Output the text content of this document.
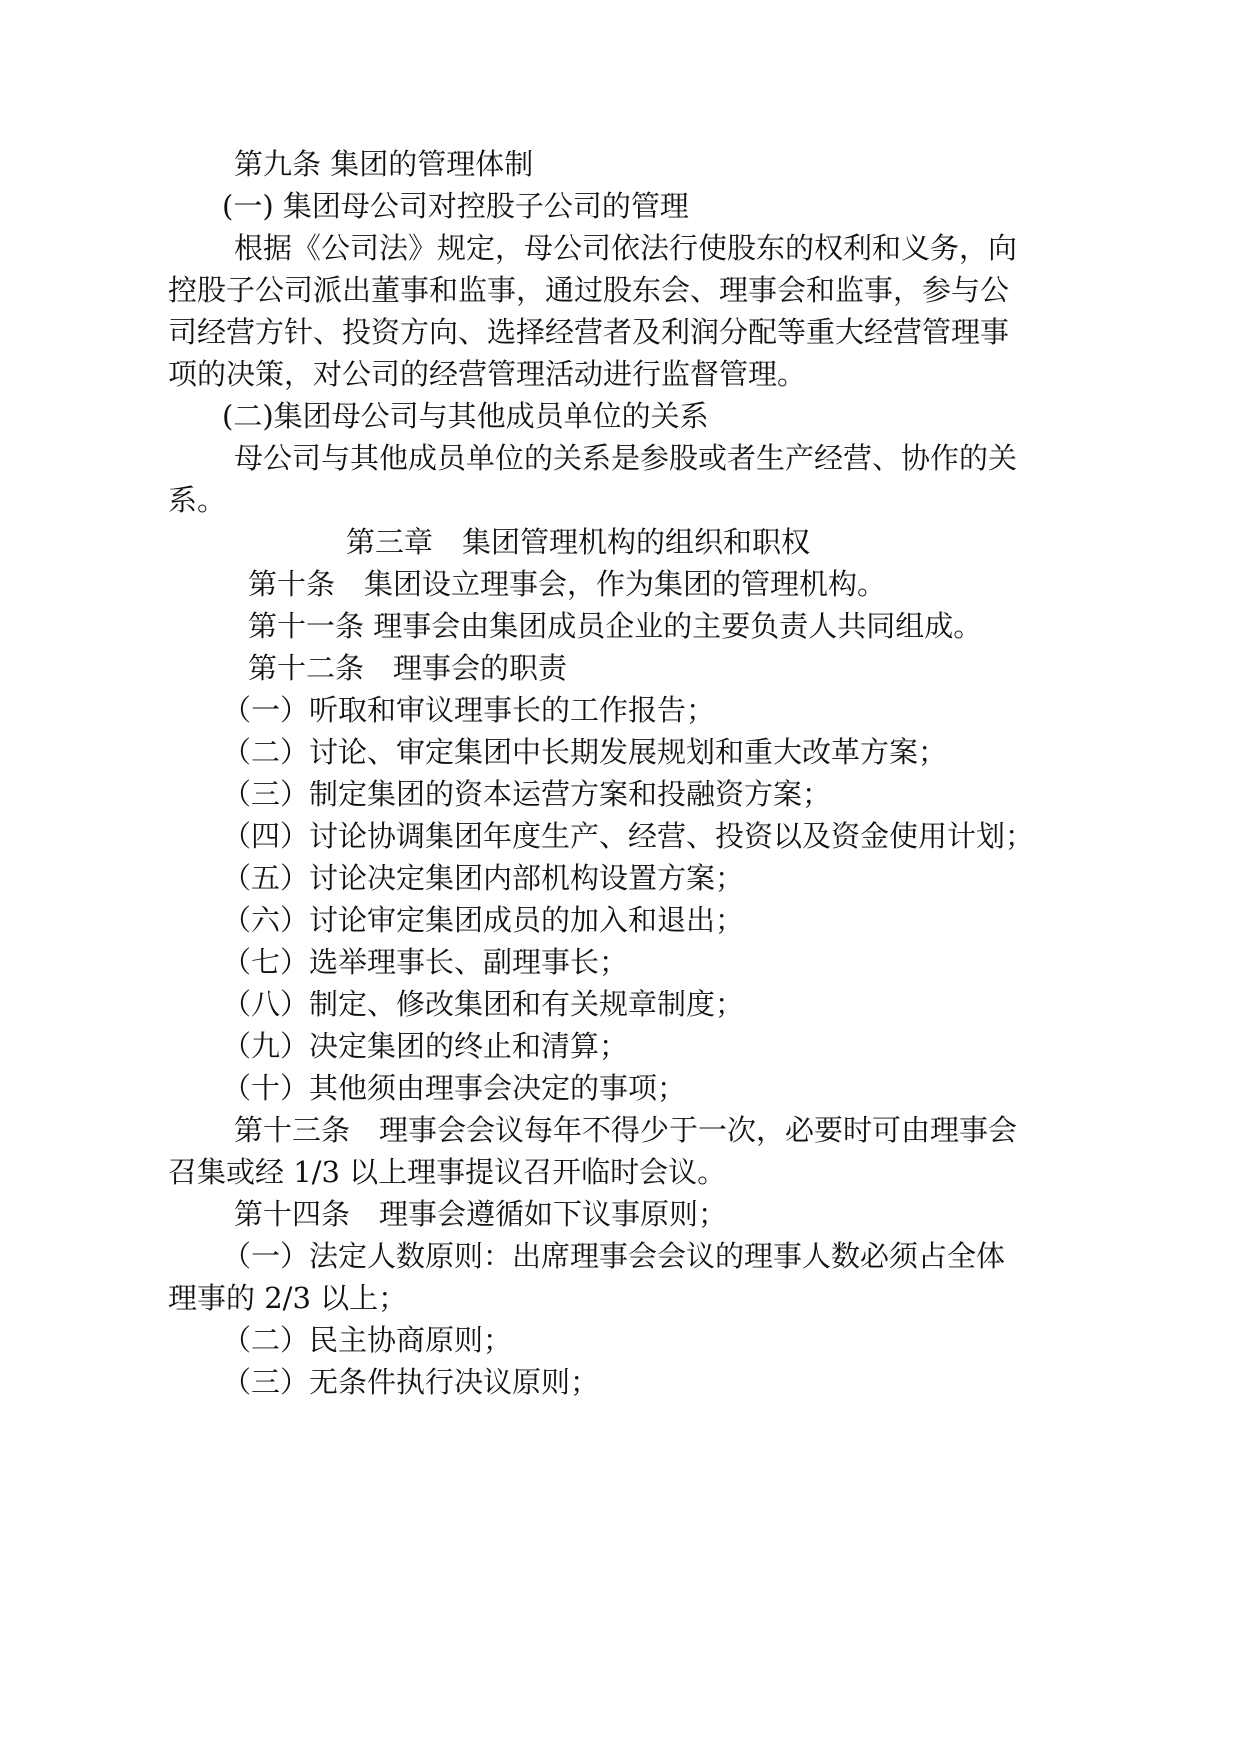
第九条 集团的管理体制
(一) 集团母公司对控股子公司的管理
根据《公司法》规定，母公司依法行使股东的权利和义务，向
控股子公司派出董事和监事，通过股东会、理事会和监事，参与公
司经营方针、投资方向、选择经营者及利润分配等重大经营管理事
项的决策，对公司的经营管理活动进行监督管理。
(二)集团母公司与其他成员单位的关系
母公司与其他成员单位的关系是参股或者生产经营、协作的关
系。
第三章　集团管理机构的组织和职权
第十条　集团设立理事会，作为集团的管理机构。
第十一条 理事会由集团成员企业的主要负责人共同组成。
第十二条　理事会的职责
（一）听取和审议理事长的工作报告；
（二）讨论、审定集团中长期发展规划和重大改革方案；
（三）制定集团的资本运营方案和投融资方案；
（四）讨论协调集团年度生产、经营、投资以及资金使用计划；
（五）讨论决定集团内部机构设置方案；
（六）讨论审定集团成员的加入和退出；
（七）选举理事长、副理事长；
（八）制定、修改集团和有关规章制度；
（九）决定集团的终止和清算；
（十）其他须由理事会决定的事项；
第十三条　理事会会议每年不得少于一次，必要时可由理事会
召集或经 1/3 以上理事提议召开临时会议。
第十四条　理事会遵循如下议事原则；
（一）法定人数原则：出席理事会会议的理事人数必须占全体
理事的 2/3 以上；
（二）民主协商原则；
（三）无条件执行决议原则；
